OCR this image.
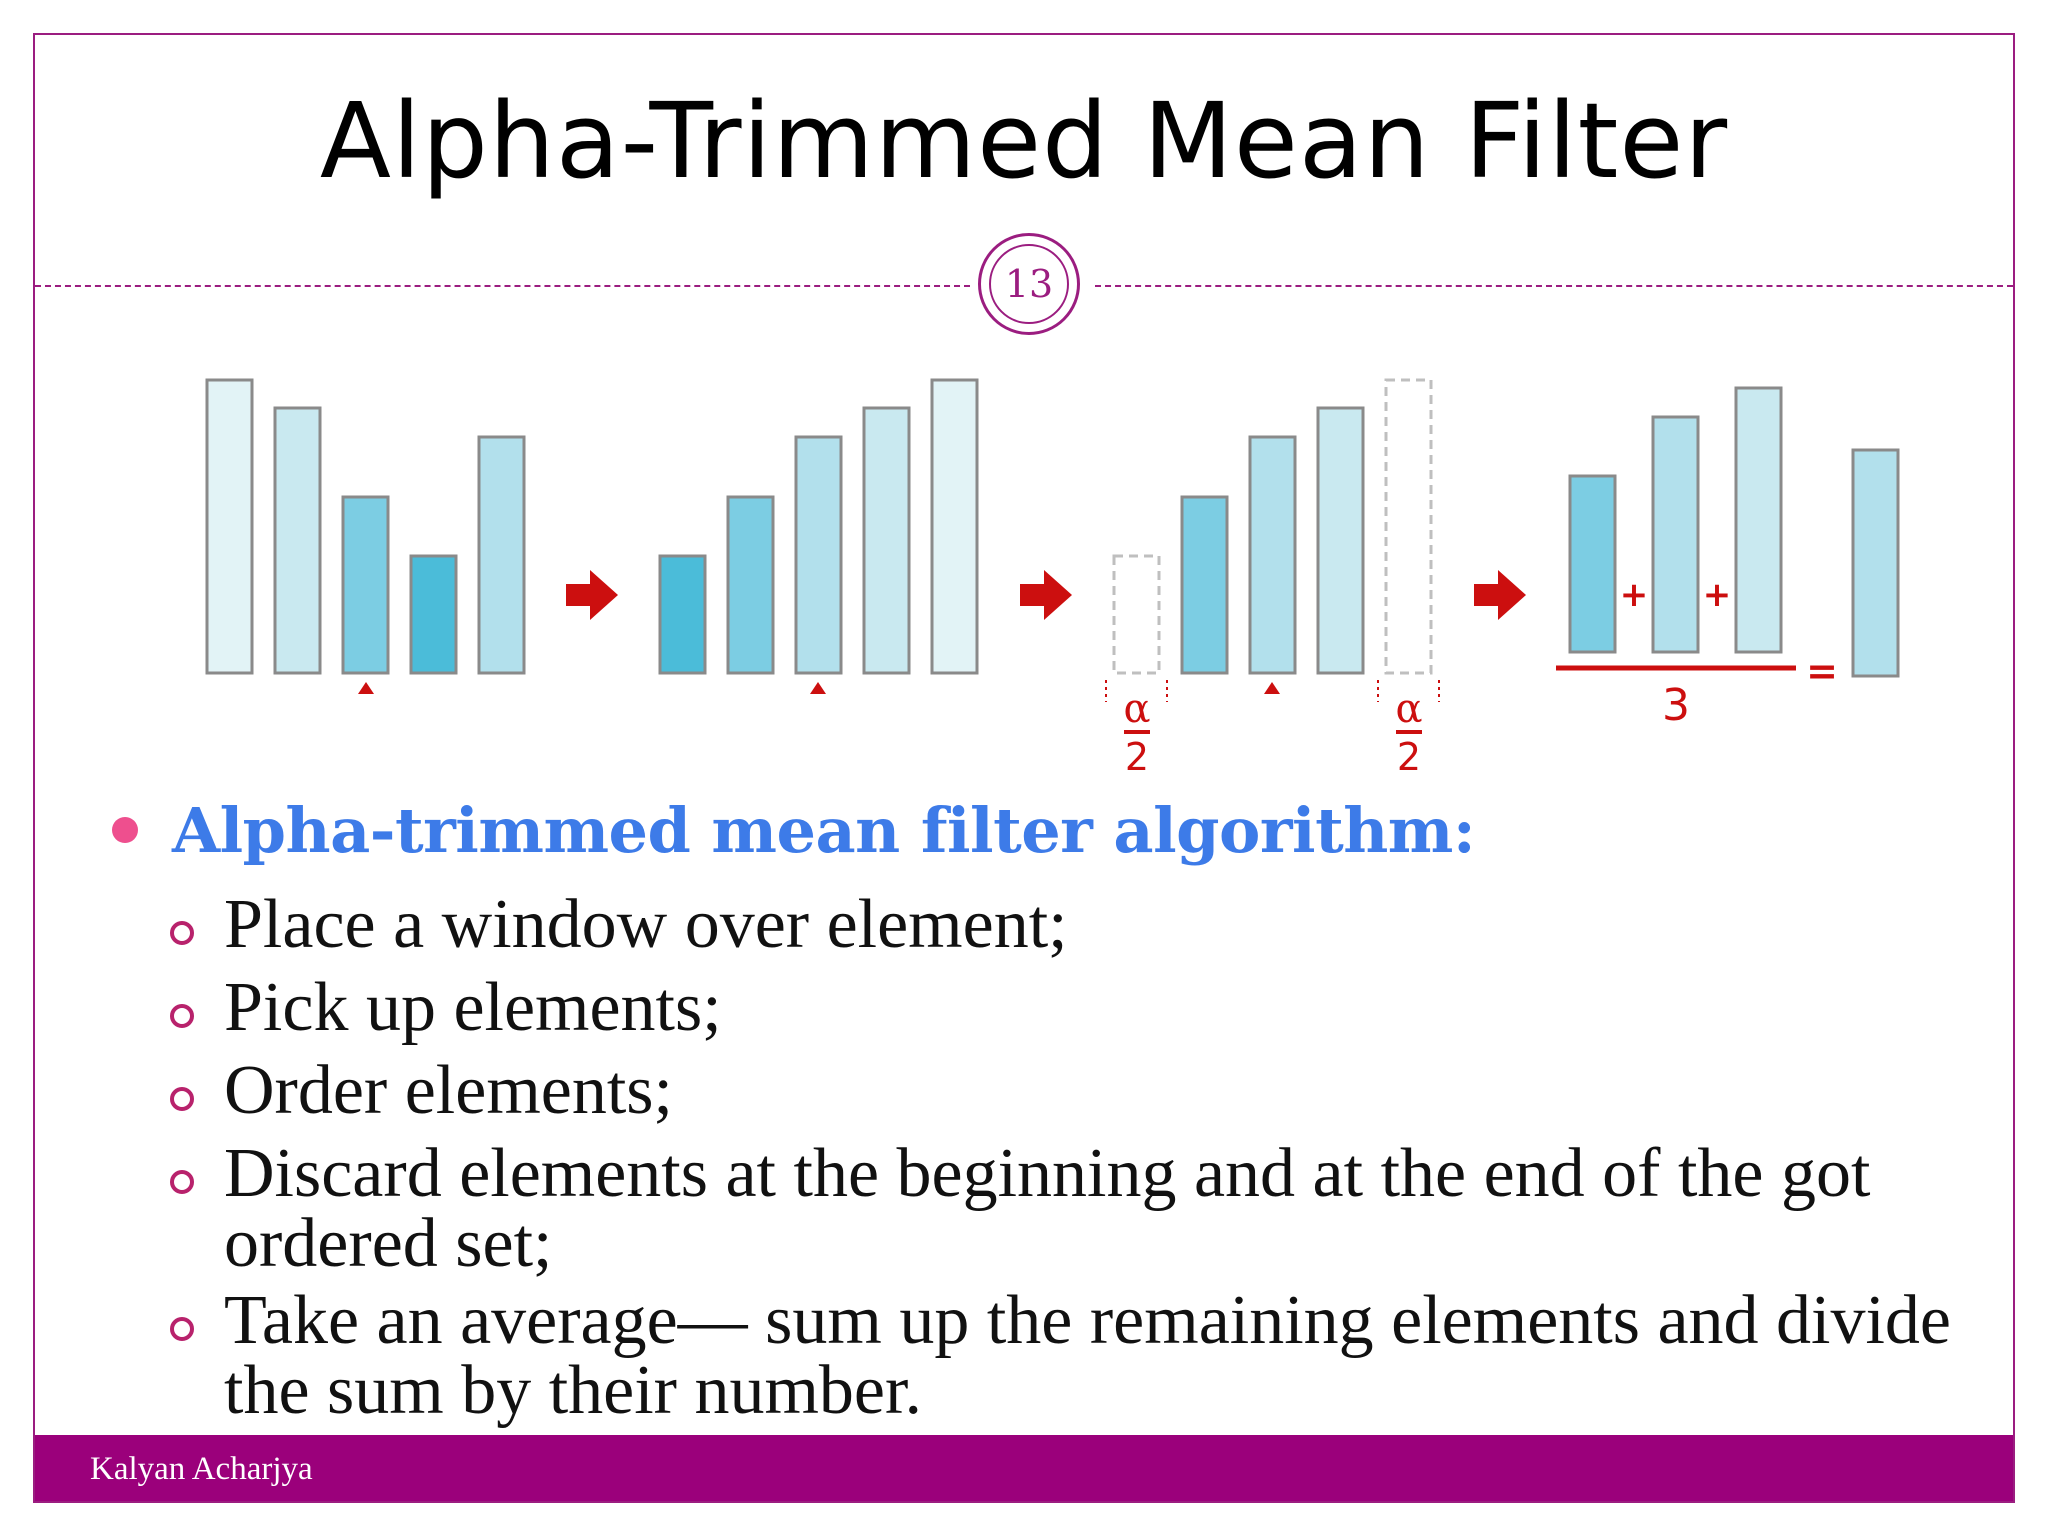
Alpha-Trimmed Mean Filter
13
α
2
α
2
+ +
3
=
Alpha-trimmed mean filter algorithm:
Place a window over element;
Pick up elements;
Order elements;
Discard elements at the beginning and at the end of the got ordered set;
Take an average— sum up the remaining elements and divide the sum by their number.
Kalyan Acharjya
